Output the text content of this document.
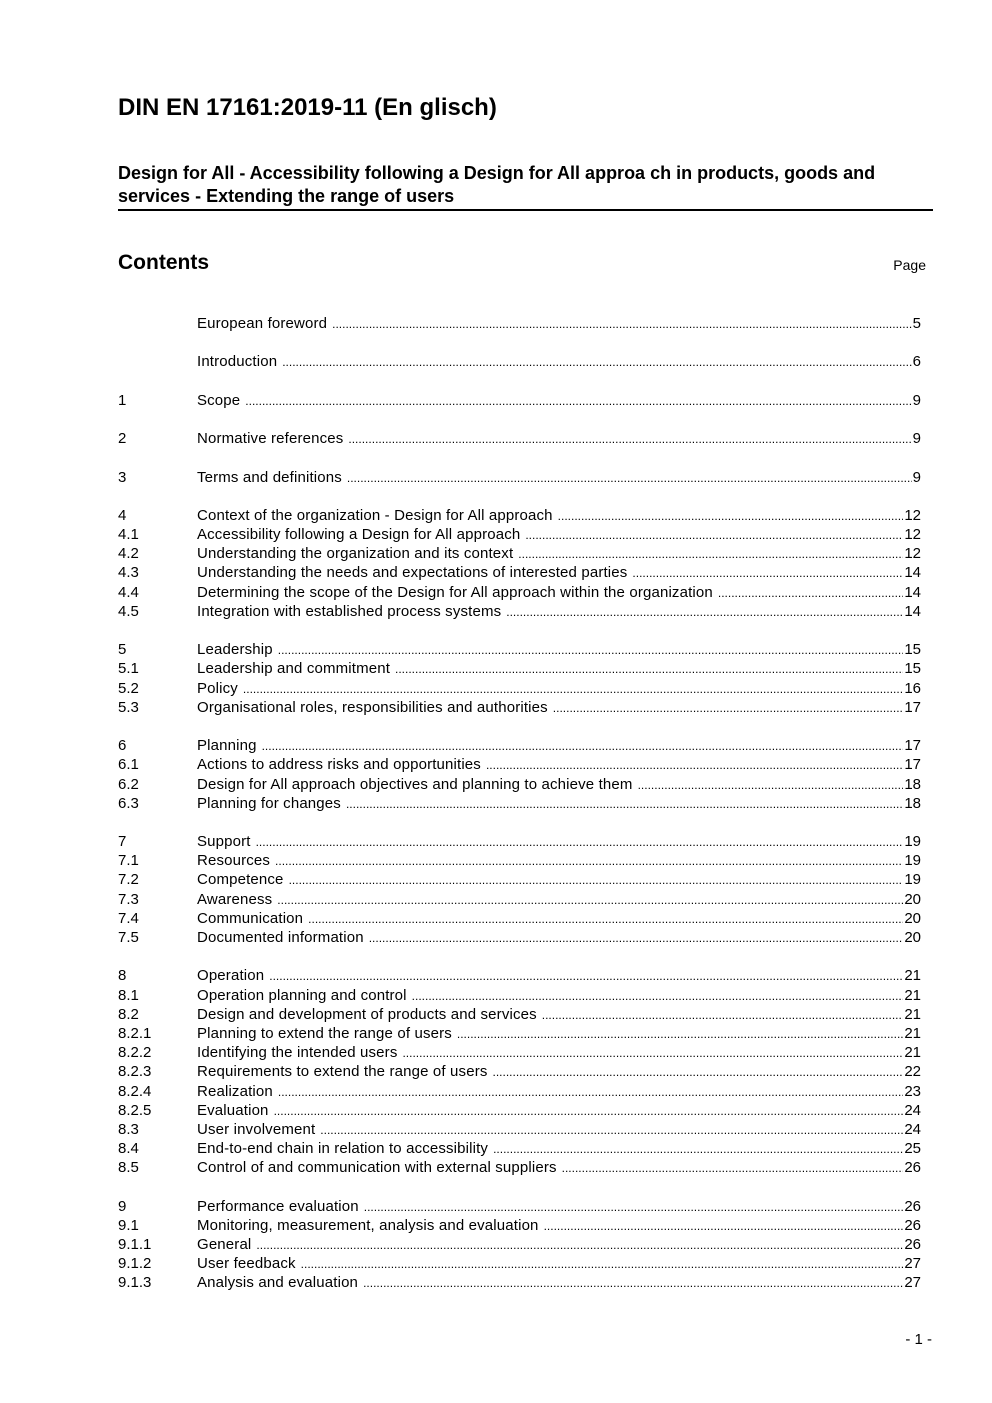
DIN EN 17161:2019-11 (En glisch)
Design for All - Accessibility following a Design for All approa ch in products, goods and services - Extending the range of users
Contents	Page
European foreword .....	5
Introduction .....	6
1	Scope .....	9
2	Normative references .....	9
3	Terms and definitions .....	9
4	Context of the organization - Design for All approach .....	12
4.1	Accessibility following a Design for All approach .....	12
4.2	Understanding the organization and its context .....	12
4.3	Understanding the needs and expectations of interested parties .....	14
4.4	Determining the scope of the Design for All approach within the organization .....	14
4.5	Integration with established process systems .....	14
5	Leadership .....	15
5.1	Leadership and commitment .....	15
5.2	Policy .....	16
5.3	Organisational roles, responsibilities and authorities .....	17
6	Planning .....	17
6.1	Actions to address risks and opportunities .....	17
6.2	Design for All approach objectives and planning to achieve them .....	18
6.3	Planning for changes .....	18
7	Support .....	19
7.1	Resources .....	19
7.2	Competence .....	19
7.3	Awareness .....	20
7.4	Communication .....	20
7.5	Documented information .....	20
8	Operation .....	21
8.1	Operation planning and control .....	21
8.2	Design and development of products and services .....	21
8.2.1	Planning to extend the range of users .....	21
8.2.2	Identifying the intended users .....	21
8.2.3	Requirements to extend the range of users .....	22
8.2.4	Realization .....	23
8.2.5	Evaluation .....	24
8.3	User involvement .....	24
8.4	End-to-end chain in relation to accessibility .....	25
8.5	Control of and communication with external suppliers .....	26
9	Performance evaluation .....	26
9.1	Monitoring, measurement, analysis and evaluation .....	26
9.1.1	General .....	26
9.1.2	User feedback .....	27
9.1.3	Analysis and evaluation .....	27
- 1 -
